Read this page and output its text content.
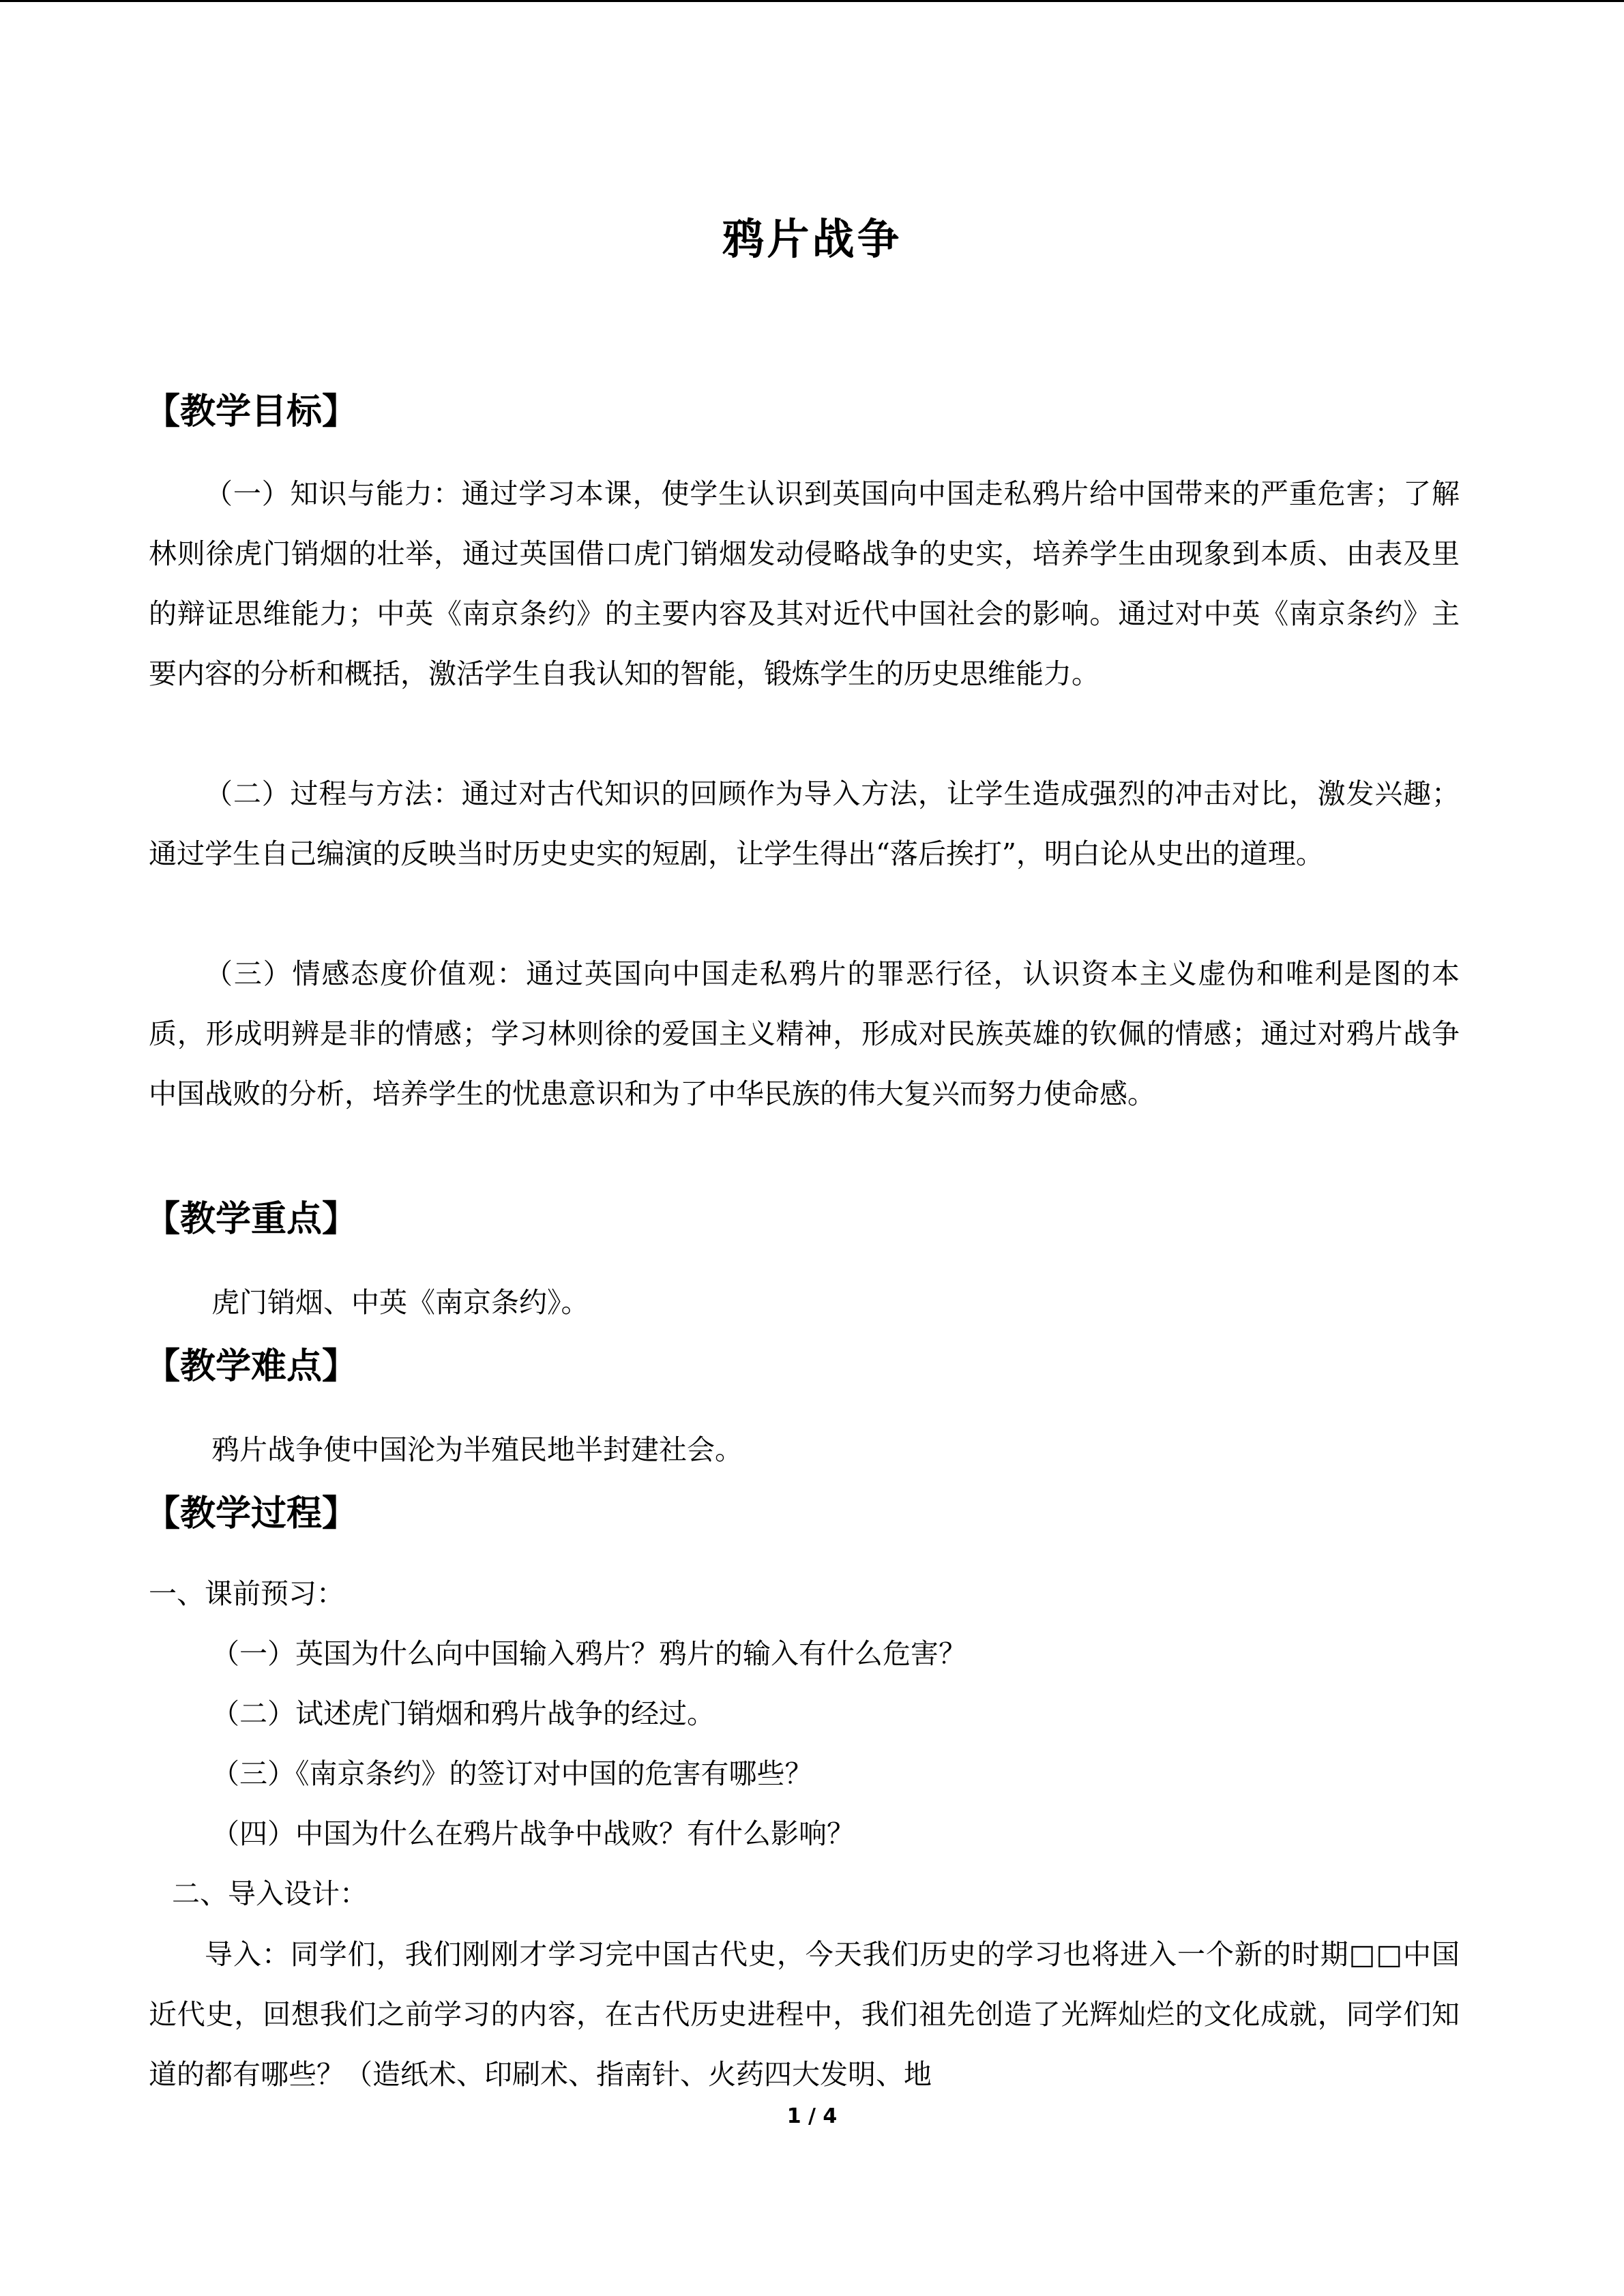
鸦片战争
【教学目标】

（一）知识与能力：通过学习本课，使学生认识到英国向中国走私鸦片给中国带来的严重危害；了解林则徐虎门销烟的壮举，通过英国借口虎门销烟发动侵略战争的史实，培养学生由现象到本质、由表及里的辩证思维能力；中英《南京条约》的主要内容及其对近代中国社会的影响。通过对中英《南京条约》主要内容的分析和概括，激活学生自我认知的智能，锻炼学生的历史思维能力。

（二）过程与方法：通过对古代知识的回顾作为导入方法，让学生造成强烈的冲击对比，激发兴趣；通过学生自己编演的反映当时历史史实的短剧，让学生得出“落后挨打”，明白论从史出的道理。

（三）情感态度价值观：通过英国向中国走私鸦片的罪恶行径，认识资本主义虚伪和唯利是图的本质，形成明辨是非的情感；学习林则徐的爱国主义精神，形成对民族英雄的钦佩的情感；通过对鸦片战争中国战败的分析，培养学生的忧患意识和为了中华民族的伟大复兴而努力使命感。

【教学重点】
虎门销烟、中英《南京条约》。
【教学难点】
鸦片战争使中国沦为半殖民地半封建社会。
【教学过程】
一、课前预习：
（一）英国为什么向中国输入鸦片？鸦片的输入有什么危害？
（二）试述虎门销烟和鸦片战争的经过。
（三）《南京条约》的签订对中国的危害有哪些？
（四）中国为什么在鸦片战争中战败？有什么影响？
二、导入设计：

导入：同学们，我们刚刚才学习完中国古代史，今天我们历史的学习也将进入一个新的时期□□中国近代史，回想我们之前学习的内容，在古代历史进程中，我们祖先创造了光辉灿烂的文化成就，同学们知道的都有哪些？（造纸术、印刷术、指南针、火药四大发明、地

1 / 4
